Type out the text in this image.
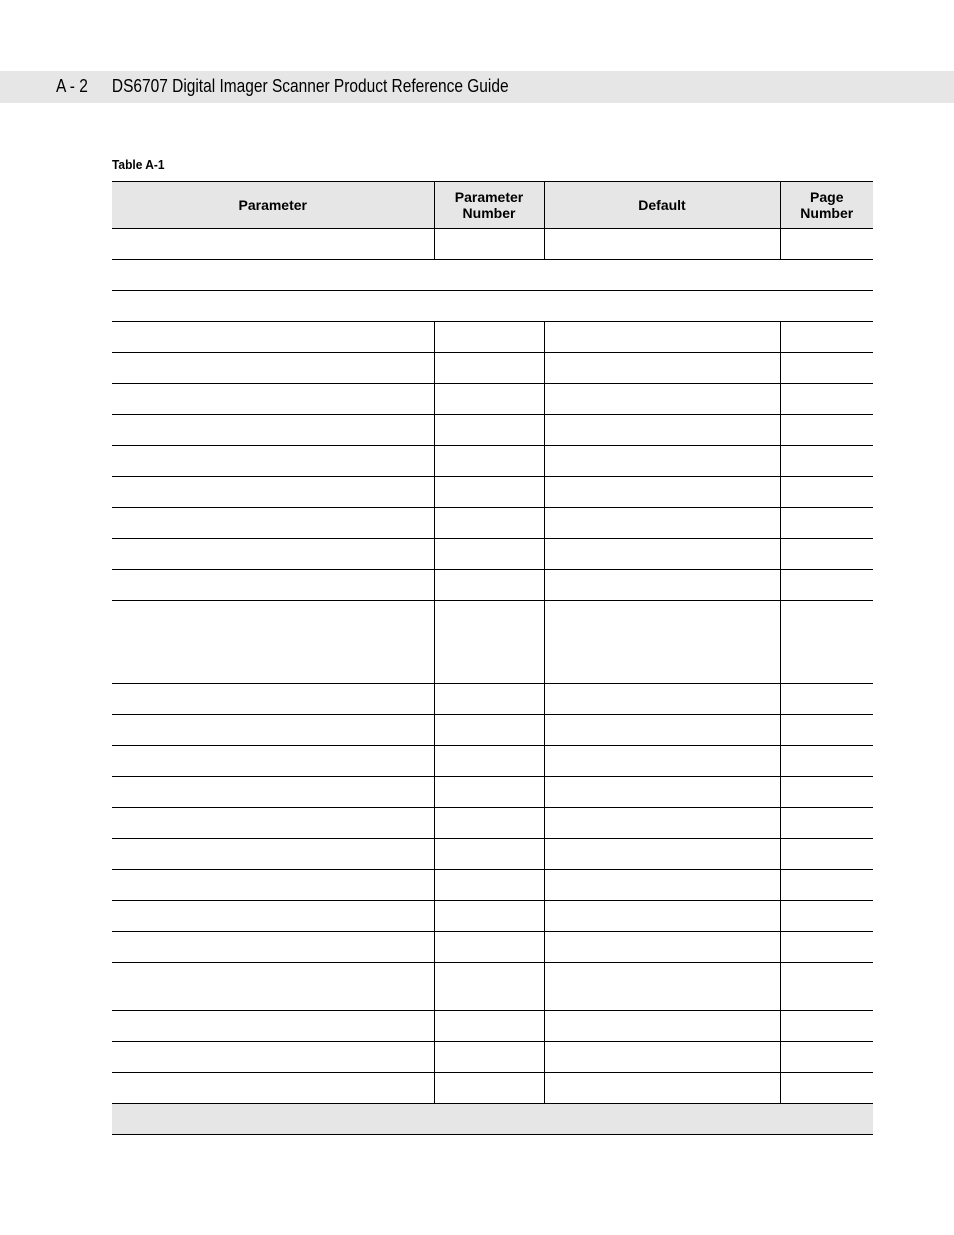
A - 2 DS6707 Digital Imager Scanner Product Reference Guide
Table A-1
Parameter	Parameter Number	Default	Page Number
